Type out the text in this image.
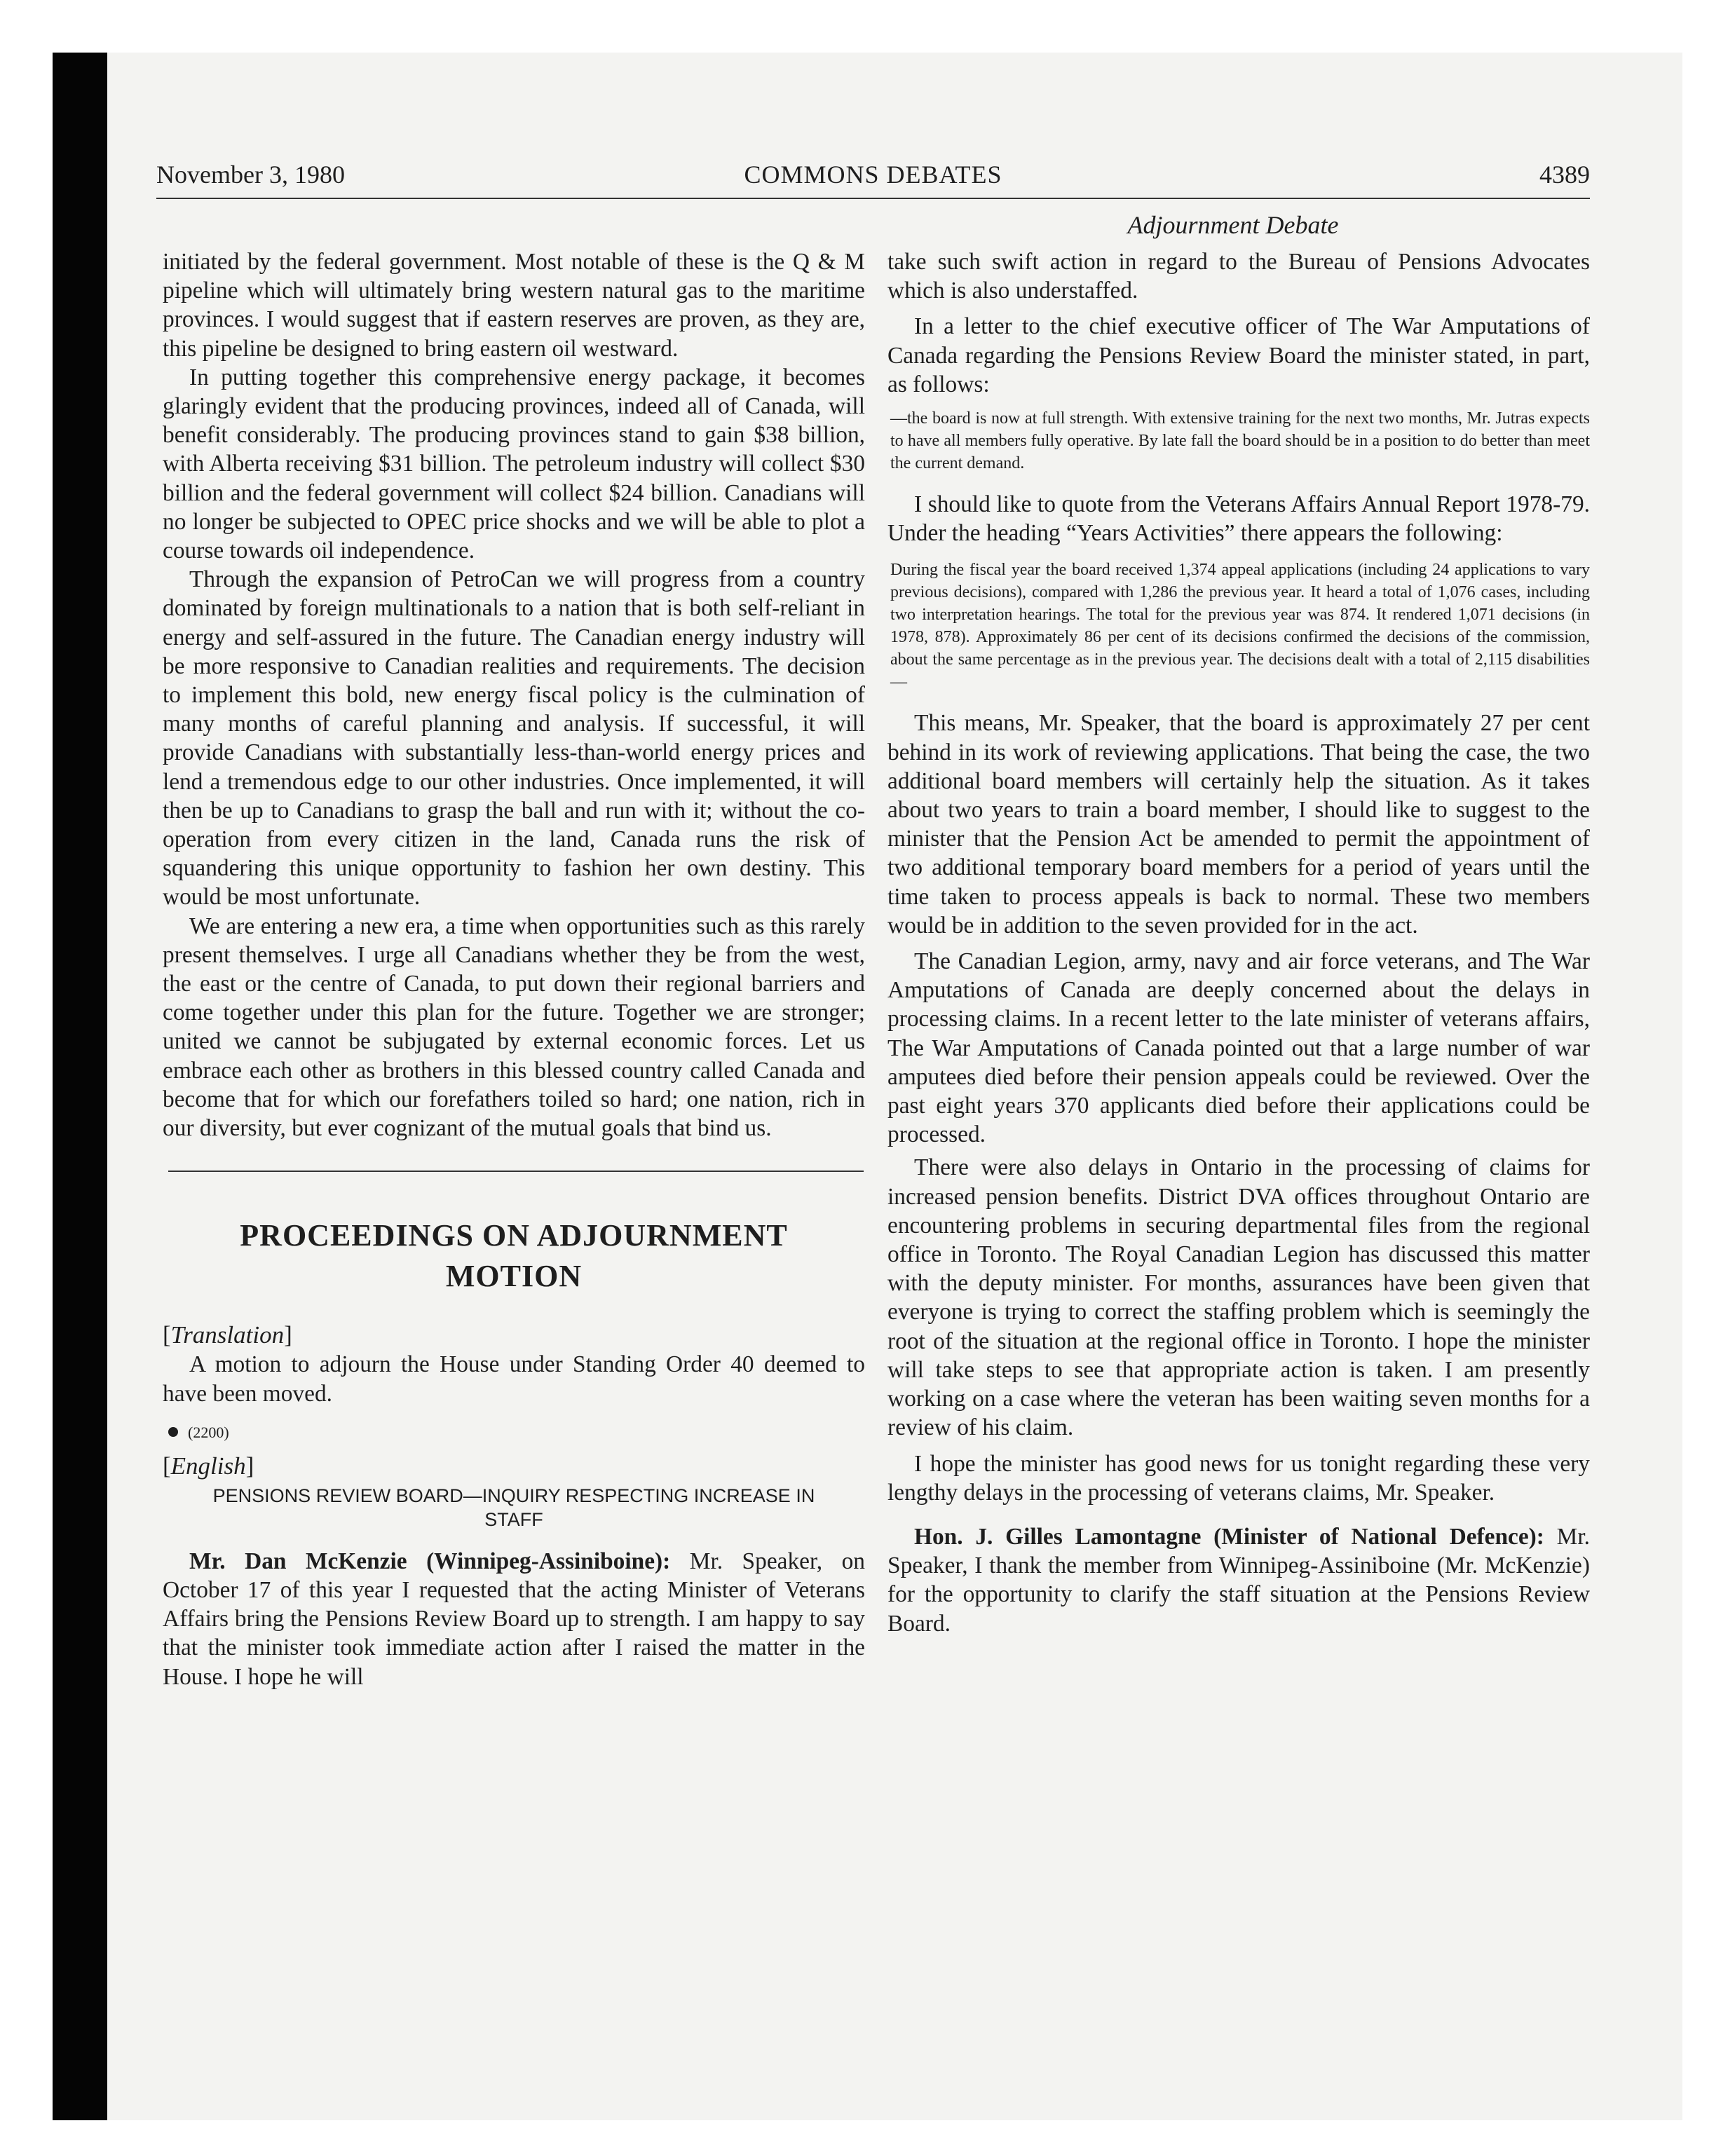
November 3, 1980	COMMONS DEBATES	4389
Adjournment Debate

initiated by the federal government. Most notable of these is the Q & M pipeline which will ultimately bring western natural gas to the maritime provinces. I would suggest that if eastern reserves are proven, as they are, this pipeline be designed to bring eastern oil westward.

In putting together this comprehensive energy package, it becomes glaringly evident that the producing provinces, indeed all of Canada, will benefit considerably. The producing provinces stand to gain $38 billion, with Alberta receiving $31 billion. The petroleum industry will collect $30 billion and the federal government will collect $24 billion. Canadians will no longer be subjected to OPEC price shocks and we will be able to plot a course towards oil independence.

Through the expansion of PetroCan we will progress from a country dominated by foreign multinationals to a nation that is both self-reliant in energy and self-assured in the future. The Canadian energy industry will be more responsive to Canadian realities and requirements. The decision to implement this bold, new energy fiscal policy is the culmination of many months of careful planning and analysis. If successful, it will provide Canadians with substantially less-than-world energy prices and lend a tremendous edge to our other industries. Once implemented, it will then be up to Canadians to grasp the ball and run with it; without the co-operation from every citizen in the land, Canada runs the risk of squandering this unique opportunity to fashion her own destiny. This would be most unfortunate.

We are entering a new era, a time when opportunities such as this rarely present themselves. I urge all Canadians whether they be from the west, the east or the centre of Canada, to put down their regional barriers and come together under this plan for the future. Together we are stronger; united we cannot be subjugated by external economic forces. Let us embrace each other as brothers in this blessed country called Canada and become that for which our forefathers toiled so hard; one nation, rich in our diversity, but ever cognizant of the mutual goals that bind us.

PROCEEDINGS ON ADJOURNMENT
MOTION

[Translation]

A motion to adjourn the House under Standing Order 40 deemed to have been moved.

(2200)

[English]

PENSIONS REVIEW BOARD—INQUIRY RESPECTING INCREASE IN
STAFF

Mr. Dan McKenzie (Winnipeg-Assiniboine): Mr. Speaker, on October 17 of this year I requested that the acting Minister of Veterans Affairs bring the Pensions Review Board up to strength. I am happy to say that the minister took immediate action after I raised the matter in the House. I hope he will

take such swift action in regard to the Bureau of Pensions Advocates which is also understaffed.

In a letter to the chief executive officer of The War Amputations of Canada regarding the Pensions Review Board the minister stated, in part, as follows:

—the board is now at full strength. With extensive training for the next two months, Mr. Jutras expects to have all members fully operative. By late fall the board should be in a position to do better than meet the current demand.

I should like to quote from the Veterans Affairs Annual Report 1978-79. Under the heading “Years Activities” there appears the following:

During the fiscal year the board received 1,374 appeal applications (including 24 applications to vary previous decisions), compared with 1,286 the previous year. It heard a total of 1,076 cases, including two interpretation hearings. The total for the previous year was 874. It rendered 1,071 decisions (in 1978, 878). Approximately 86 per cent of its decisions confirmed the decisions of the commission, about the same percentage as in the previous year. The decisions dealt with a total of 2,115 disabilities—

This means, Mr. Speaker, that the board is approximately 27 per cent behind in its work of reviewing applications. That being the case, the two additional board members will certainly help the situation. As it takes about two years to train a board member, I should like to suggest to the minister that the Pension Act be amended to permit the appointment of two additional temporary board members for a period of years until the time taken to process appeals is back to normal. These two members would be in addition to the seven provided for in the act.

The Canadian Legion, army, navy and air force veterans, and The War Amputations of Canada are deeply concerned about the delays in processing claims. In a recent letter to the late minister of veterans affairs, The War Amputations of Canada pointed out that a large number of war amputees died before their pension appeals could be reviewed. Over the past eight years 370 applicants died before their applications could be processed.

There were also delays in Ontario in the processing of claims for increased pension benefits. District DVA offices throughout Ontario are encountering problems in securing departmental files from the regional office in Toronto. The Royal Canadian Legion has discussed this matter with the deputy minister. For months, assurances have been given that everyone is trying to correct the staffing problem which is seemingly the root of the situation at the regional office in Toronto. I hope the minister will take steps to see that appropriate action is taken. I am presently working on a case where the veteran has been waiting seven months for a review of his claim.

I hope the minister has good news for us tonight regarding these very lengthy delays in the processing of veterans claims, Mr. Speaker.

Hon. J. Gilles Lamontagne (Minister of National Defence): Mr. Speaker, I thank the member from Winnipeg-Assiniboine (Mr. McKenzie) for the opportunity to clarify the staff situation at the Pensions Review Board.
